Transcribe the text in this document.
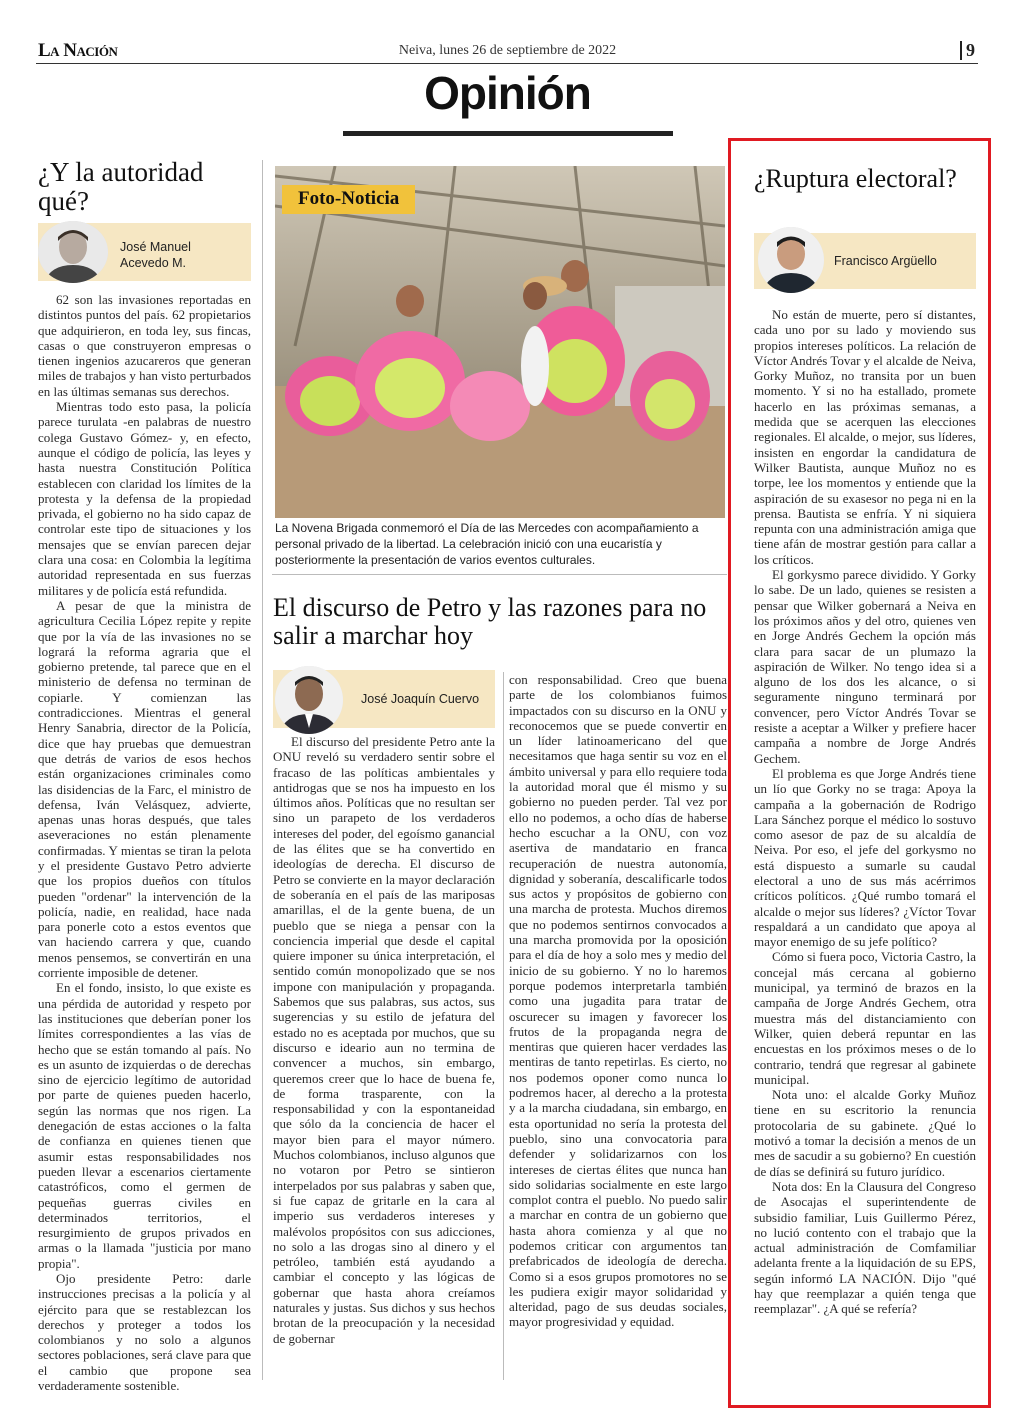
La Nación	Neiva, lunes 26 de septiembre de 2022	9
Opinión
¿Y la autoridad qué?
José Manuel Acevedo M.

62 son las invasiones reportadas en distintos puntos del país. 62 propietarios que adquirieron, en toda ley, sus fincas, casas o que construyeron empresas o tienen ingenios azucareros que generan miles de trabajos y han visto perturbados en las últimas semanas sus derechos.

Mientras todo esto pasa, la policía parece turulata -en palabras de nuestro colega Gustavo Gómez- y, en efecto, aunque el código de policía, las leyes y hasta nuestra Constitución Política establecen con claridad los límites de la protesta y la defensa de la propiedad privada, el gobierno no ha sido capaz de controlar este tipo de situaciones y los mensajes que se envían parecen dejar clara una cosa: en Colombia la legítima autoridad representada en sus fuerzas militares y de policía está refundida.

A pesar de que la ministra de agricultura Cecilia López repite y repite que por la vía de las invasiones no se logrará la reforma agraria que el gobierno pretende, tal parece que en el ministerio de defensa no terminan de copiarle. Y comienzan las contradicciones. Mientras el general Henry Sanabria, director de la Policía, dice que hay pruebas que demuestran que detrás de varios de esos hechos están organizaciones criminales como las disidencias de la Farc, el ministro de defensa, Iván Velásquez, advierte, apenas unas horas después, que tales aseveraciones no están plenamente confirmadas. Y mientas se tiran la pelota y el presidente Gustavo Petro advierte que los propios dueños con títulos pueden "ordenar" la intervención de la policía, nadie, en realidad, hace nada para ponerle coto a estos eventos que van haciendo carrera y que, cuando menos pensemos, se convertirán en una corriente imposible de detener.

En el fondo, insisto, lo que existe es una pérdida de autoridad y respeto por las instituciones que deberían poner los límites correspondientes a las vías de hecho que se están tomando al país. No es un asunto de izquierdas o de derechas sino de ejercicio legítimo de autoridad por parte de quienes pueden hacerlo, según las normas que nos rigen. La denegación de estas acciones o la falta de confianza en quienes tienen que asumir estas responsabilidades nos pueden llevar a escenarios ciertamente catastróficos, como el germen de pequeñas guerras civiles en determinados territorios, el resurgimiento de grupos privados en armas o la llamada "justicia por mano propia".

Ojo presidente Petro: darle instrucciones precisas a la policía y al ejército para que se restablezcan los derechos y proteger a todos los colombianos y no solo a algunos sectores poblaciones, será clave para que el cambio que propone sea verdaderamente sostenible.

Foto-Noticia
La Novena Brigada conmemoró el Día de las Mercedes con acompañamiento a personal privado de la libertad. La celebración inició con una eucaristía y posteriormente la presentación de varios eventos culturales.
El discurso de Petro y las razones para no salir a marchar hoy
José Joaquín Cuervo

El discurso del presidente Petro ante la ONU reveló su verdadero sentir sobre el fracaso de las políticas ambientales y antidrogas que se nos ha impuesto en los últimos años. Políticas que no resultan ser sino un parapeto de los verdaderos intereses del poder, del egoísmo ganancial de las élites que se ha convertido en ideologías de derecha. El discurso de Petro se convierte en la mayor declaración de soberanía en el país de las mariposas amarillas, el de la gente buena, de un pueblo que se niega a pensar con la conciencia imperial que desde el capital quiere imponer su única interpretación, el sentido común monopolizado que se nos impone con manipulación y propaganda. Sabemos que sus palabras, sus actos, sus sugerencias y su estilo de jefatura del estado no es aceptada por muchos, que su discurso e ideario aun no termina de convencer a muchos, sin embargo, queremos creer que lo hace de buena fe, de forma trasparente, con la responsabilidad y con la espontaneidad que sólo da la conciencia de hacer el mayor bien para el mayor número. Muchos colombianos, incluso algunos que no votaron por Petro se sintieron interpelados por sus palabras y saben que, si fue capaz de gritarle en la cara al imperio sus verdaderos intereses y malévolos propósitos con sus adicciones, no solo a las drogas sino al dinero y el petróleo, también está ayudando a cambiar el concepto y las lógicas de gobernar que hasta ahora creíamos naturales y justas. Sus dichos y sus hechos brotan de la preocupación y la necesidad de gobernar

con responsabilidad. Creo que buena parte de los colombianos fuimos impactados con su discurso en la ONU y reconocemos que se puede convertir en un líder latinoamericano del que necesitamos que haga sentir su voz en el ámbito universal y para ello requiere toda la autoridad moral que él mismo y su gobierno no pueden perder. Tal vez por ello no podemos, a ocho días de haberse hecho escuchar a la ONU, con voz asertiva de mandatario en franca recuperación de nuestra autonomía, dignidad y soberanía, descalificarle todos sus actos y propósitos de gobierno con una marcha de protesta. Muchos diremos que no podemos sentirnos convocados a una marcha promovida por la oposición para el día de hoy a solo mes y medio del inicio de su gobierno. Y no lo haremos porque podemos interpretarla también como una jugadita para tratar de oscurecer su imagen y favorecer los frutos de la propaganda negra de mentiras que quieren hacer verdades las mentiras de tanto repetirlas. Es cierto, no nos podemos oponer como nunca lo podremos hacer, al derecho a la protesta y a la marcha ciudadana, sin embargo, en esta oportunidad no sería la protesta del pueblo, sino una convocatoria para defender y solidarizarnos con los intereses de ciertas élites que nunca han sido solidarias socialmente en este largo complot contra el pueblo. No puedo salir a marchar en contra de un gobierno que hasta ahora comienza y al que no podemos criticar con argumentos tan prefabricados de ideología de derecha. Como si a esos grupos promotores no se les pudiera exigir mayor solidaridad y alteridad, pago de sus deudas sociales, mayor progresividad y equidad.

¿Ruptura electoral?
Francisco Argüello

No están de muerte, pero sí distantes, cada uno por su lado y moviendo sus propios intereses políticos. La relación de Víctor Andrés Tovar y el alcalde de Neiva, Gorky Muñoz, no transita por un buen momento. Y si no ha estallado, promete hacerlo en las próximas semanas, a medida que se acerquen las elecciones regionales. El alcalde, o mejor, sus líderes, insisten en engordar la candidatura de Wilker Bautista, aunque Muñoz no es torpe, lee los momentos y entiende que la aspiración de su exasesor no pega ni en la prensa. Bautista se enfría. Y ni siquiera repunta con una administración amiga que tiene afán de mostrar gestión para callar a los críticos.

El gorkysmo parece dividido. Y Gorky lo sabe. De un lado, quienes se resisten a pensar que Wilker gobernará a Neiva en los próximos años y del otro, quienes ven en Jorge Andrés Gechem la opción más clara para sacar de un plumazo la aspiración de Wilker. No tengo idea si a alguno de los dos les alcance, o si seguramente ninguno terminará por convencer, pero Víctor Andrés Tovar se resiste a aceptar a Wilker y prefiere hacer campaña a nombre de Jorge Andrés Gechem.

El problema es que Jorge Andrés tiene un lío que Gorky no se traga: Apoya la campaña a la gobernación de Rodrigo Lara Sánchez porque el médico lo sostuvo como asesor de paz de su alcaldía de Neiva. Por eso, el jefe del gorkysmo no está dispuesto a sumarle su caudal electoral a uno de sus más acérrimos críticos políticos. ¿Qué rumbo tomará el alcalde o mejor sus líderes? ¿Víctor Tovar respaldará a un candidato que apoya al mayor enemigo de su jefe político?

Cómo si fuera poco, Victoria Castro, la concejal más cercana al gobierno municipal, ya terminó de brazos en la campaña de Jorge Andrés Gechem, otra muestra más del distanciamiento con Wilker, quien deberá repuntar en las encuestas en los próximos meses o de lo contrario, tendrá que regresar al gabinete municipal.

Nota uno: el alcalde Gorky Muñoz tiene en su escritorio la renuncia protocolaria de su gabinete. ¿Qué lo motivó a tomar la decisión a menos de un mes de sacudir a su gobierno? En cuestión de días se definirá su futuro jurídico.

Nota dos: En la Clausura del Congreso de Asocajas el superintendente de subsidio familiar, Luis Guillermo Pérez, no lució contento con el trabajo que la actual administración de Comfamiliar adelanta frente a la liquidación de su EPS, según informó LA NACIÓN. Dijo "qué hay que reemplazar a quién tenga que reemplazar". ¿A qué se refería?
